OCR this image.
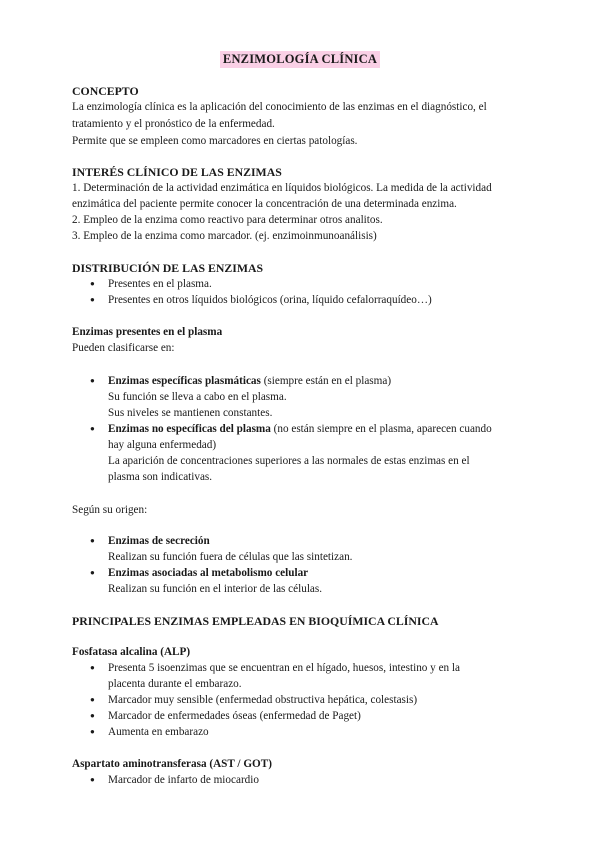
ENZIMOLOGÍA CLÍNICA
CONCEPTO
La enzimología clínica es la aplicación del conocimiento de las enzimas en el diagnóstico, el
tratamiento y el pronóstico de la enfermedad.
Permite que se empleen como marcadores en ciertas patologías.
INTERÉS CLÍNICO DE LAS ENZIMAS
1. Determinación de la actividad enzimática en líquidos biológicos. La medida de la actividad
enzimática del paciente permite conocer la concentración de una determinada enzima.
2. Empleo de la enzima como reactivo para determinar otros analitos.
3. Empleo de la enzima como marcador. (ej. enzimoinmunoanálisis)
DISTRIBUCIÓN DE LAS ENZIMAS
● Presentes en el plasma.
● Presentes en otros líquidos biológicos (orina, líquido cefalorraquídeo…)
Enzimas presentes en el plasma
Pueden clasificarse en:
● Enzimas específicas plasmáticas (siempre están en el plasma)
Su función se lleva a cabo en el plasma.
Sus niveles se mantienen constantes.
● Enzimas no específicas del plasma (no están siempre en el plasma, aparecen cuando
hay alguna enfermedad)
La aparición de concentraciones superiores a las normales de estas enzimas en el
plasma son indicativas.
Según su origen:
● Enzimas de secreción
Realizan su función fuera de células que las sintetizan.
● Enzimas asociadas al metabolismo celular
Realizan su función en el interior de las células.
PRINCIPALES ENZIMAS EMPLEADAS EN BIOQUÍMICA CLÍNICA
Fosfatasa alcalina (ALP)
● Presenta 5 isoenzimas que se encuentran en el hígado, huesos, intestino y en la
placenta durante el embarazo.
● Marcador muy sensible (enfermedad obstructiva hepática, colestasis)
● Marcador de enfermedades óseas (enfermedad de Paget)
● Aumenta en embarazo
Aspartato aminotransferasa (AST / GOT)
● Marcador de infarto de miocardio
